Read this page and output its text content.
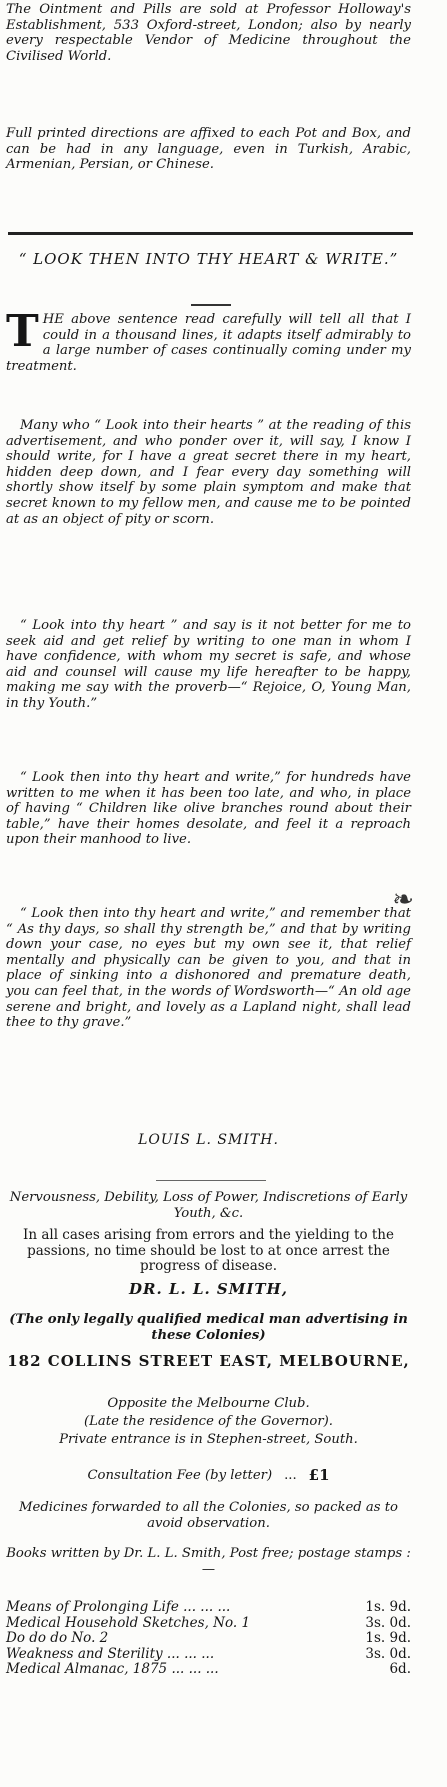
The Ointment and Pills are sold at Professor Holloway's Establishment, 533 Oxford-street, London; also by nearly every respectable Vendor of Medicine throughout the Civilised World.

Full printed directions are affixed to each Pot and Box, and can be had in any language, even in Turkish, Arabic, Armenian, Persian, or Chinese.

“ LOOK THEN INTO THY HEART & WRITE.”

T HE above sentence read carefully will tell all that I could in a thousand lines, it adapts itself admirably to a large number of cases continually coming under my treatment.

Many who “ Look into their hearts ” at the reading of this advertisement, and who ponder over it, will say, I know I should write, for I have a great secret there in my heart, hidden deep down, and I fear every day something will shortly show itself by some plain symptom and make that secret known to my fellow men, and cause me to be pointed at as an object of pity or scorn.

“ Look into thy heart ” and say is it not better for me to seek aid and get relief by writing to one man in whom I have confidence, with whom my secret is safe, and whose aid and counsel will cause my life hereafter to be happy, making me say with the proverb—“ Rejoice, O, Young Man, in thy Youth.”

“ Look then into thy heart and write,” for hundreds have written to me when it has been too late, and who, in place of having “ Children like olive branches round about their table,” have their homes desolate, and feel it a reproach upon their manhood to live.

“ Look then into thy heart and write,” and remember that “ As thy days, so shall thy strength be,” and that by writing down your case, no eyes but my own see it, that relief mentally and physically can be given to you, and that in place of sinking into a dishonored and premature death, you can feel that, in the words of Wordsworth—“ An old age serene and bright, and lovely as a Lapland night, shall lead thee to thy grave.”

❧

LOUIS L. SMITH.

Nervousness, Debility, Loss of Power, Indiscretions of Early Youth, &c.

In all cases arising from errors and the yielding to the passions, no time should be lost to at once arrest the progress of disease.

DR. L. L. SMITH,

(The only legally qualified medical man advertising in these Colonies)

182 COLLINS STREET EAST, MELBOURNE,

Opposite the Melbourne Club.

(Late the residence of the Governor).

Private entrance is in Stephen-street, South.

Consultation Fee (by letter) ... £1

Medicines forwarded to all the Colonies, so packed as to avoid observation.

Books written by Dr. L. L. Smith, Post free; postage stamps :—

Means of Prolonging Life ... ... ...	1s. 9d.
Medical Household Sketches, No. 1	3s. 0d.
Do do do No. 2	1s. 9d.
Weakness and Sterility ... ... ...	3s. 0d.
Medical Almanac, 1875 ... ... ...	6d.
